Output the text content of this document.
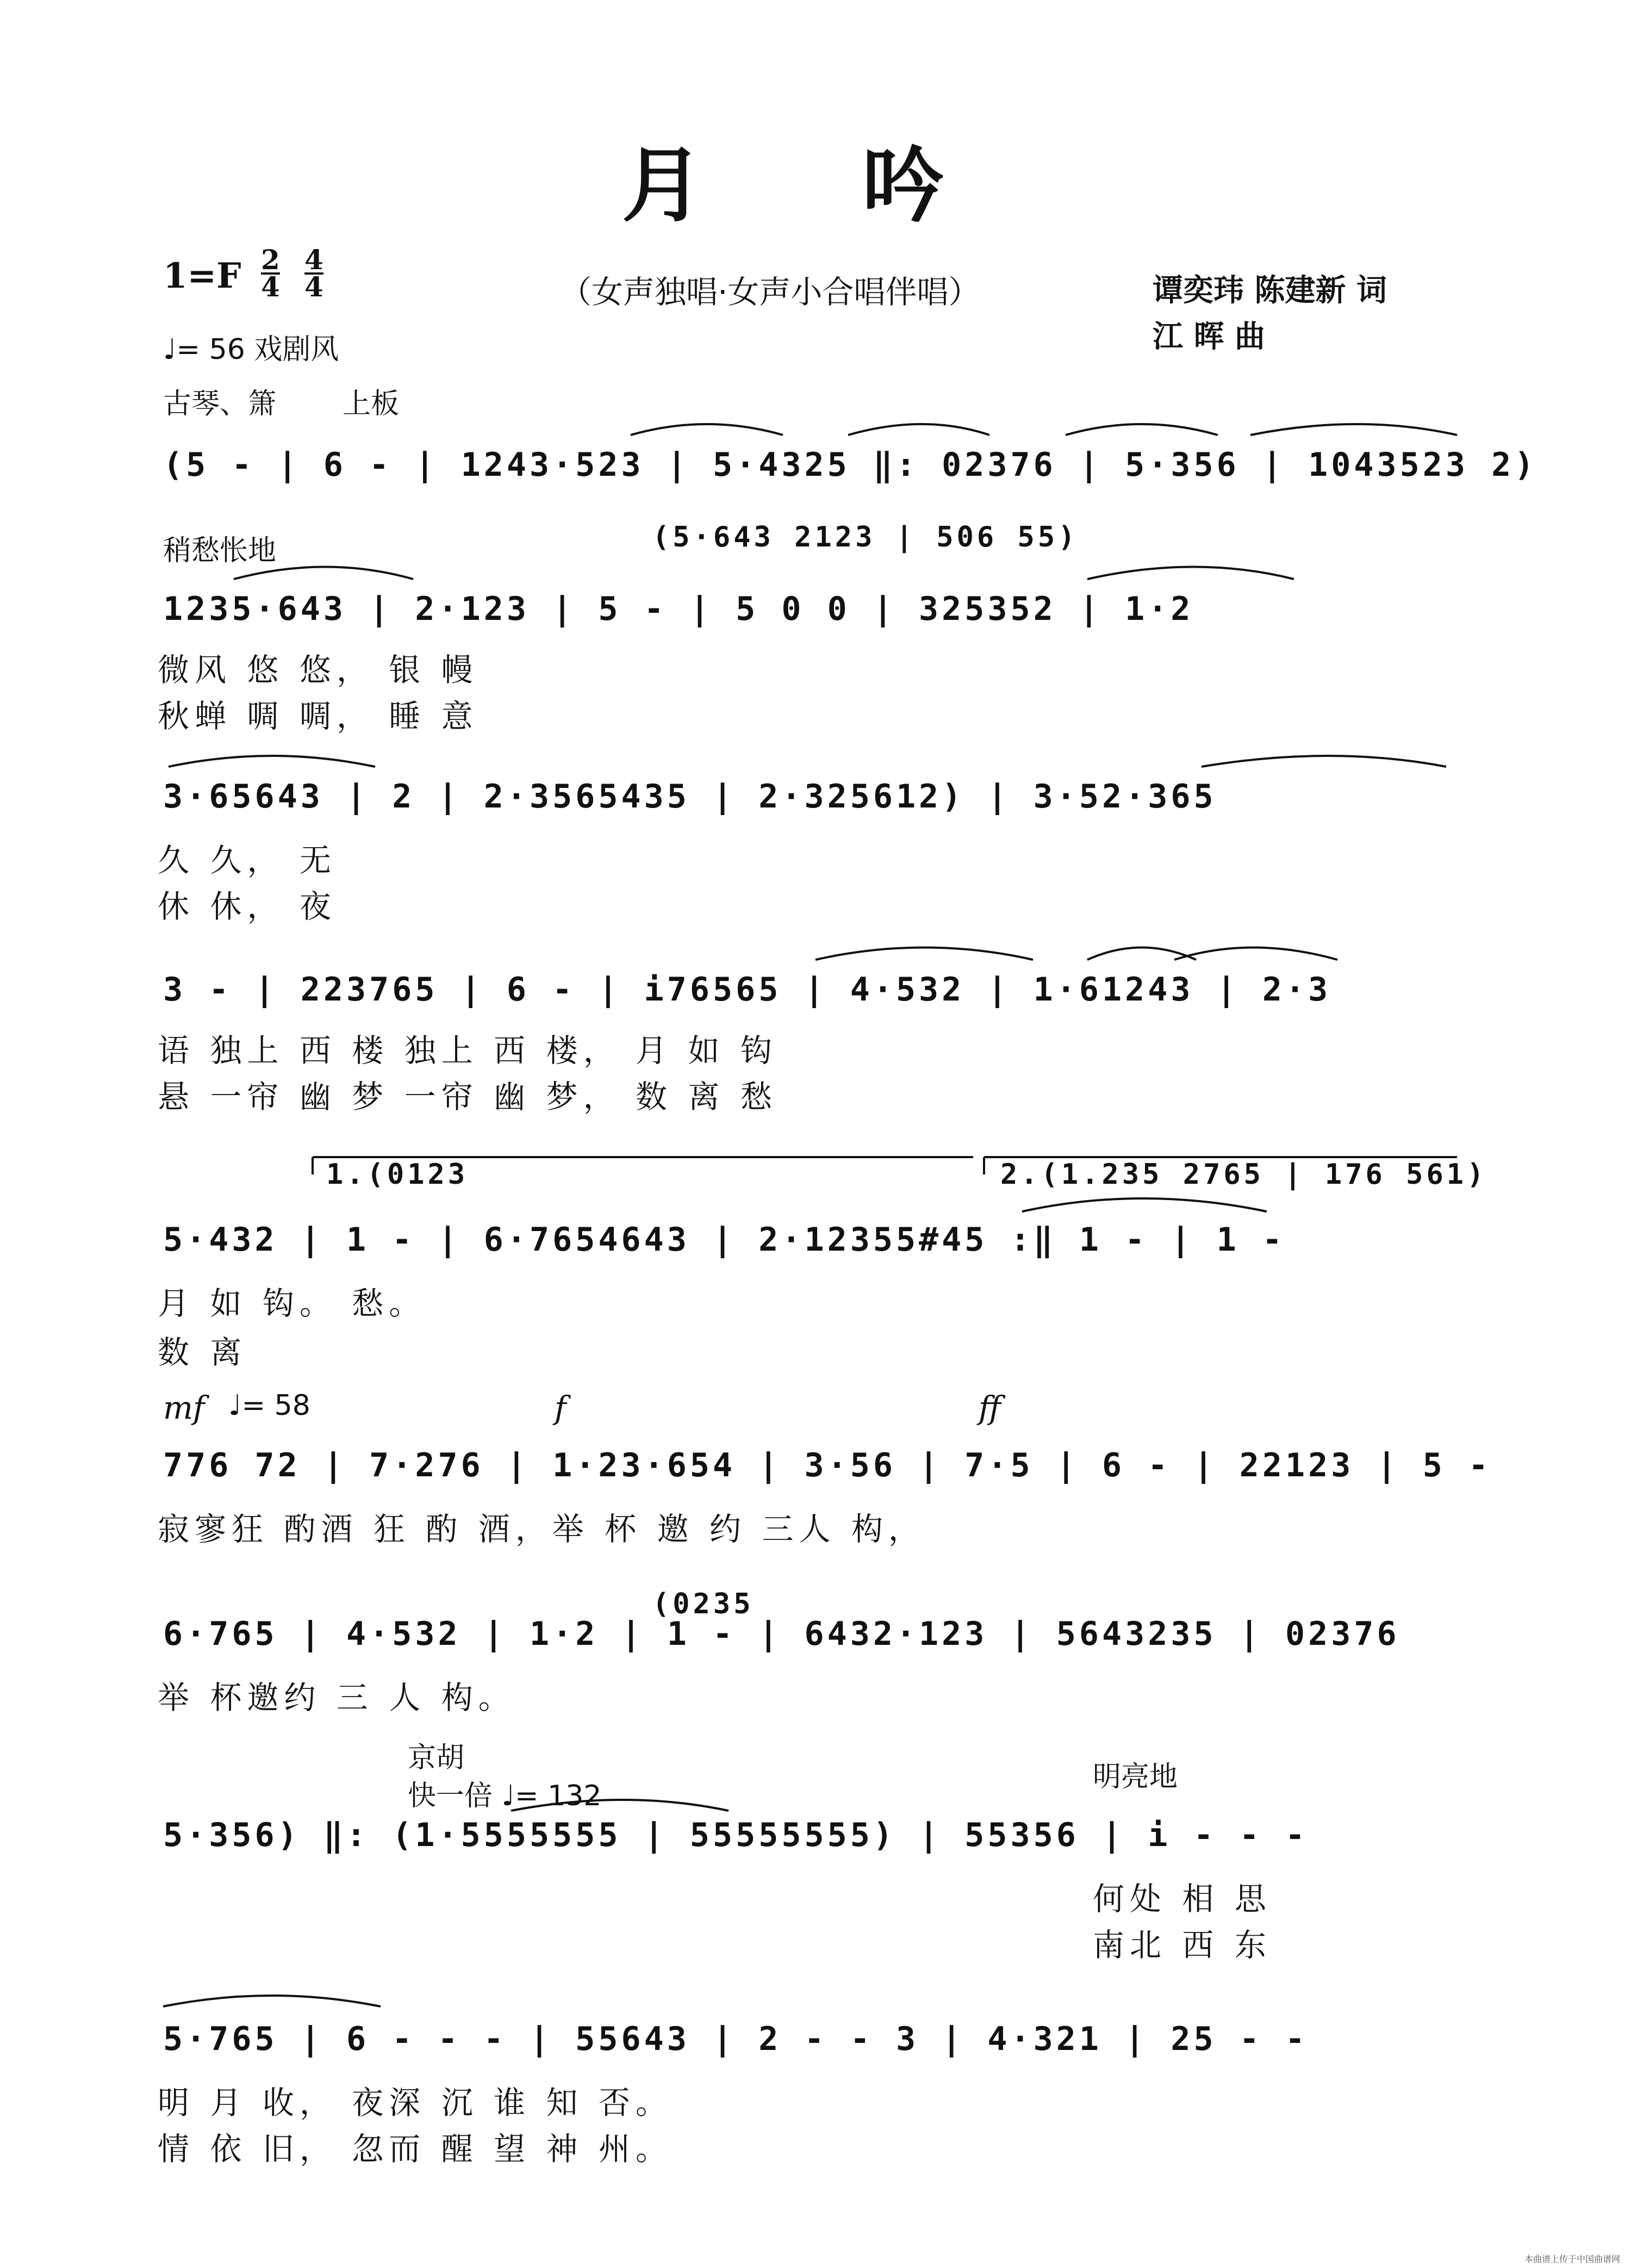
月 吟
$1=F \frac{2}{4} \frac{4}{4}$	（女声独唱·女声小合唱伴唱）	谭奕玮 陈建新 词
江 晖 曲
♩= 56 戏剧风
古琴、箫 上板
稍愁怅地
(5 - | 6 - | 1243·523 | 5·4325 ‖: 02376 | 5·356 | 1043523 2)
(5·643 2123 | 506 55)
1235·643 | 2·123 | 5 - | 5 0 0 | 325352 | 1·2
微风 悠 悠， 银 幔
秋蝉 啁 啁， 睡 意
3·65643 | 2 | 2·3565435 | 2·325612) | 3·52·365
久 久， 无
休 休， 夜
3 - | 223765 | 6 - | i76565 | 4·532 | 1·61243 | 2·3
语 独上 西 楼 独上 西 楼， 月 如 钩
悬 一帘 幽 梦 一帘 幽 梦， 数 离 愁
1.(0123	2.(1.235 2765 | 176 561)
5·432 | 1 - | 6·7654643 | 2·12355#45 :‖ 1 - | 1 -
月 如 钩。 愁。
数 离
mf ♩= 58	f	ff
776 72 | 7·276 | 1·23·654 | 3·56 | 7·5 | 6 - | 22123 | 5 -
寂寥狂 酌酒 狂 酌 酒，举 杯 邀 约 三人 构，
(0235
6·765 | 4·532 | 1·2 | 1 - | 6432·123 | 5643235 | 02376
举 杯邀约 三 人 构。
京胡
快一倍 ♩= 132
明亮地
5·356) ‖: (1·5555555 | 55555555) | 55356 | i - - -
何处 相 思
南北 西 东
5·765 | 6 - - - | 55643 | 2 - - 3 | 4·321 | 25 - -
明 月 收， 夜深 沉 谁 知 否。
情 依 旧， 忽而 醒 望 神 州。
本曲谱上传于中国曲谱网
